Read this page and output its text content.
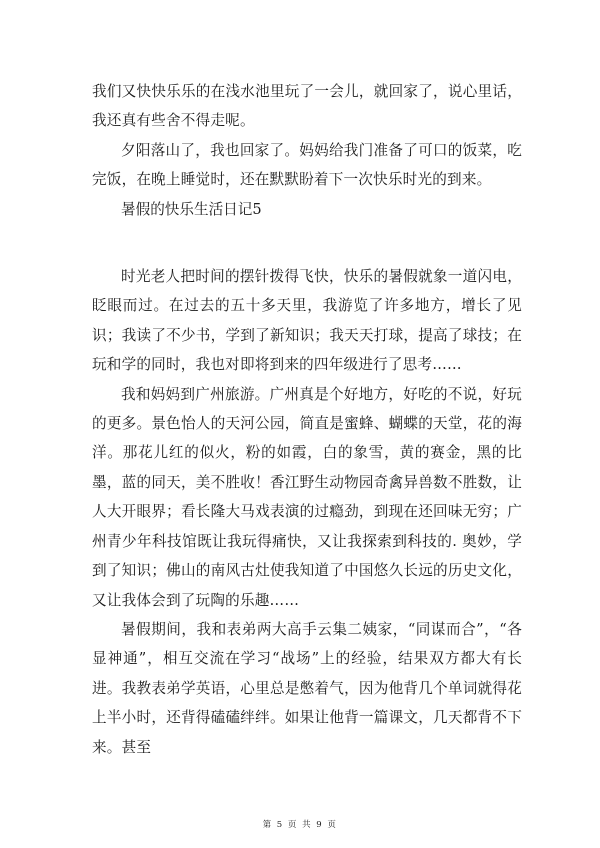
我们又快快乐乐的在浅水池里玩了一会儿，就回家了，说心里话，我还真有些舍不得走呢。

夕阳落山了，我也回家了。妈妈给我门准备了可口的饭菜，吃完饭，在晚上睡觉时，还在默默盼着下一次快乐时光的到来。

暑假的快乐生活日记5

时光老人把时间的摆针拨得飞快，快乐的暑假就象一道闪电，眨眼而过。在过去的五十多天里，我游览了许多地方，增长了见识；我读了不少书，学到了新知识；我天天打球，提高了球技；在玩和学的同时，我也对即将到来的四年级进行了思考……

我和妈妈到广州旅游。广州真是个好地方，好吃的不说，好玩的更多。景色怡人的天河公园，简直是蜜蜂、蝴蝶的天堂，花的海洋。那花儿红的似火，粉的如霞，白的象雪，黄的赛金，黑的比墨，蓝的同天，美不胜收！香江野生动物园奇禽异兽数不胜数，让人大开眼界；看长隆大马戏表演的过瘾劲，到现在还回味无穷；广州青少年科技馆既让我玩得痛快，又让我探索到科技的. 奥妙，学到了知识；佛山的南风古灶使我知道了中国悠久长远的历史文化，又让我体会到了玩陶的乐趣……

暑假期间，我和表弟两大高手云集二姨家，“同谋而合”，“各显神通”，相互交流在学习“战场”上的经验，结果双方都大有长进。我教表弟学英语，心里总是憋着气，因为他背几个单词就得花上半小时，还背得磕磕绊绊。如果让他背一篇课文，几天都背不下来。甚至

第 5 页 共 9 页
